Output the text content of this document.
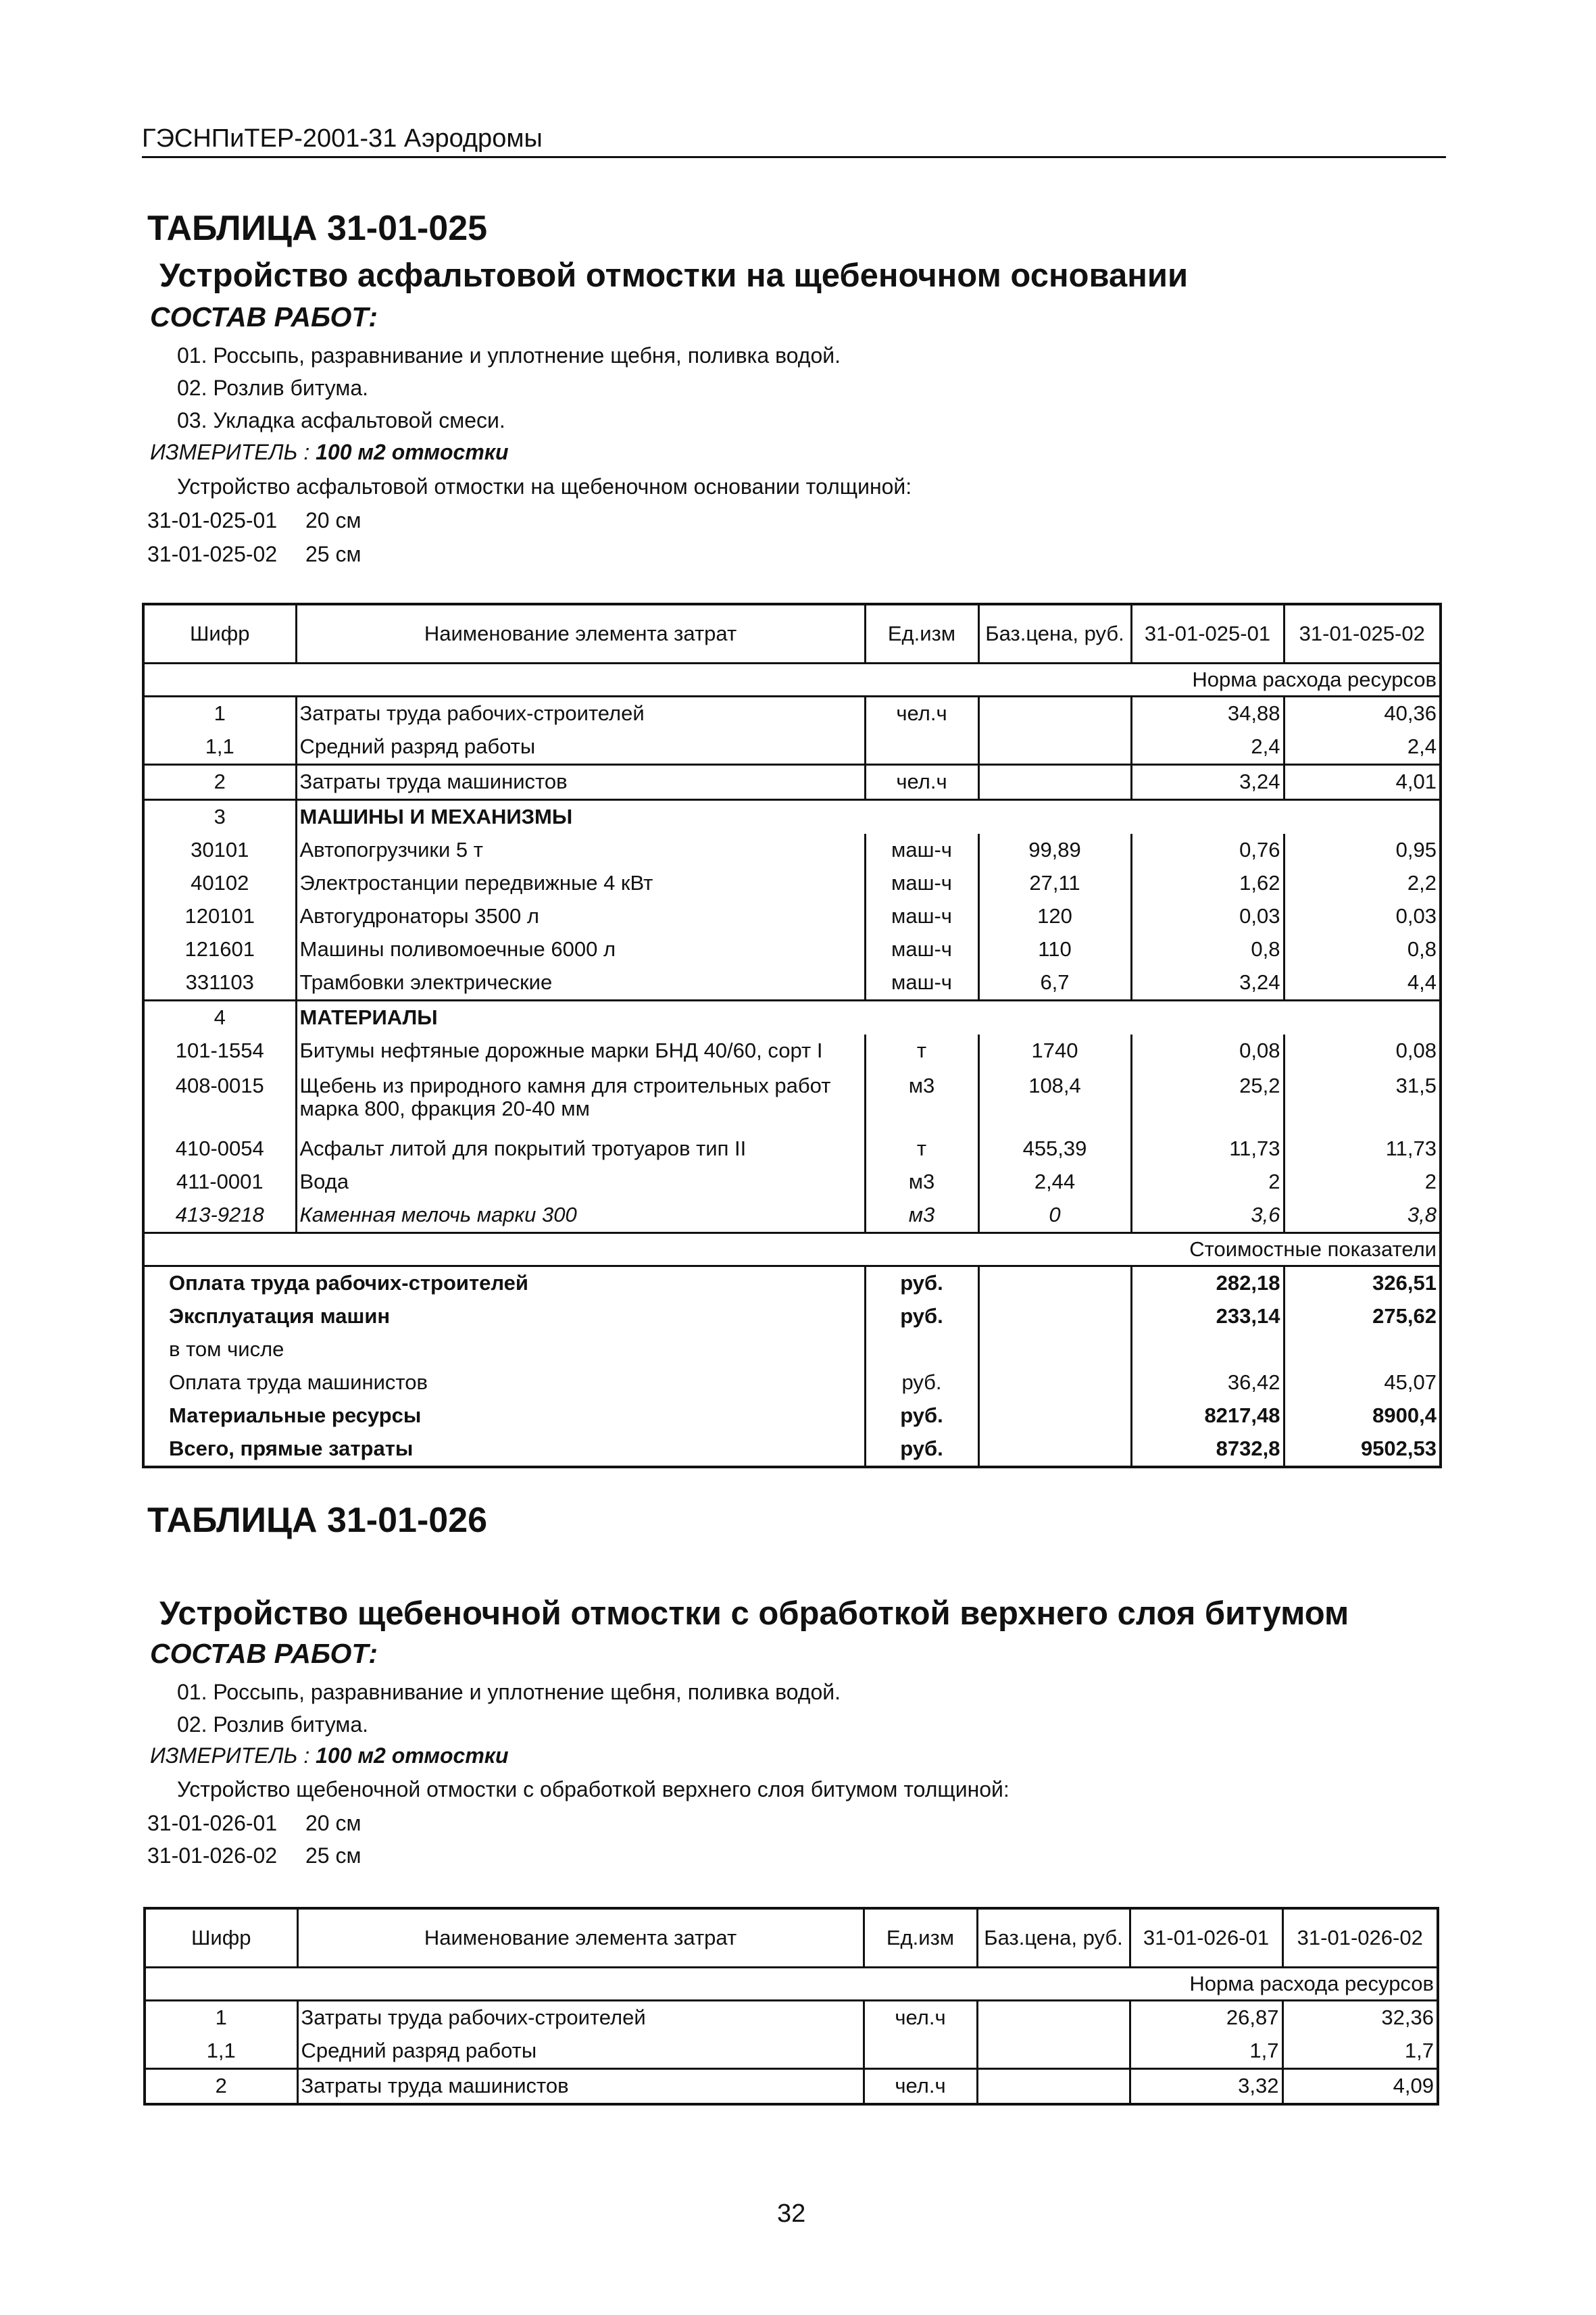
ГЭСНПиТЕР-2001-31 Аэродромы
ТАБЛИЦА 31-01-025
Устройство асфальтовой отмостки на щебеночном основании
СОСТАВ РАБОТ:
01. Россыпь, разравнивание и уплотнение щебня, поливка водой.
02. Розлив битума.
03. Укладка асфальтовой смеси.
ИЗМЕРИТЕЛЬ : 100 м2 отмостки
Устройство асфальтовой отмостки на щебеночном основании толщиной:
31-01-025-01 20 см
31-01-025-02 25 см
Шифр	Наименование элемента затрат	Ед.изм	Баз.цена, руб.	31-01-025-01	31-01-025-02
Норма расхода ресурсов					
1	Затраты труда рабочих-строителей	чел.ч		34,88	40,36
1,1	Средний разряд работы			2,4	2,4
2	Затраты труда машинистов	чел.ч		3,24	4,01
3	МАШИНЫ И МЕХАНИЗМЫ				
30101	Автопогрузчики 5 т	маш-ч	99,89	0,76	0,95
40102	Электростанции передвижные 4 кВт	маш-ч	27,11	1,62	2,2
120101	Автогудронаторы 3500 л	маш-ч	120	0,03	0,03
121601	Машины поливомоечные 6000 л	маш-ч	110	0,8	0,8
331103	Трамбовки электрические	маш-ч	6,7	3,24	4,4
4	МАТЕРИАЛЫ				
101-1554	Битумы нефтяные дорожные марки БНД 40/60, сорт I	т	1740	0,08	0,08
408-0015	Щебень из природного камня для строительных работ марка 800, фракция 20-40 мм	м3	108,4	25,2	31,5
410-0054	Асфальт литой для покрытий тротуаров тип II	т	455,39	11,73	11,73
411-0001	Вода	м3	2,44	2	2
413-9218	Каменная мелочь марки 300	м3	0	3,6	3,8
Стоимостные показатели					
Оплата труда рабочих-строителей		руб.		282,18	326,51
Эксплуатация машин		руб.		233,14	275,62
в том числе					
Оплата труда машинистов		руб.		36,42	45,07
Материальные ресурсы		руб.		8217,48	8900,4
Всего, прямые затраты		руб.		8732,8	9502,53
ТАБЛИЦА 31-01-026
Устройство щебеночной отмостки с обработкой верхнего слоя битумом
СОСТАВ РАБОТ:
01. Россыпь, разравнивание и уплотнение щебня, поливка водой.
02. Розлив битума.
ИЗМЕРИТЕЛЬ : 100 м2 отмостки
Устройство щебеночной отмостки с обработкой верхнего слоя битумом толщиной:
31-01-026-01 20 см
31-01-026-02 25 см
Шифр	Наименование элемента затрат	Ед.изм	Баз.цена, руб.	31-01-026-01	31-01-026-02
Норма расхода ресурсов					
1	Затраты труда рабочих-строителей	чел.ч		26,87	32,36
1,1	Средний разряд работы			1,7	1,7
2	Затраты труда машинистов	чел.ч		3,32	4,09
32
